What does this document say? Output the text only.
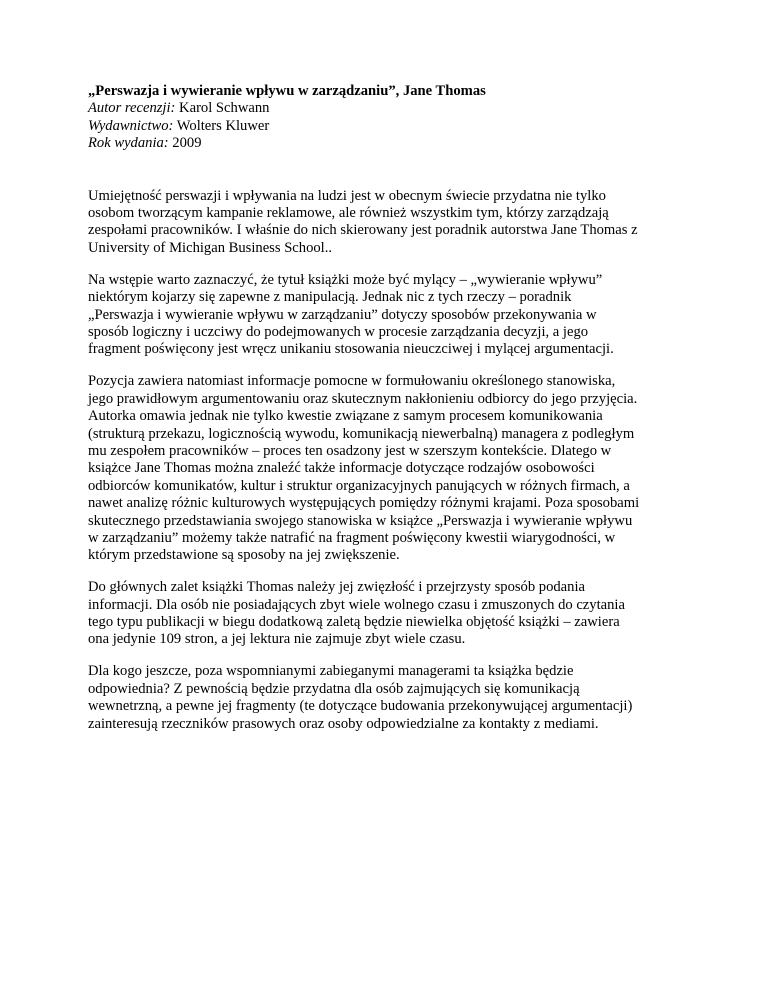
„Perswazja i wywieranie wpływu w zarządzaniu”, Jane Thomas

Autor recenzji: Karol Schwann

Wydawnictwo: Wolters Kluwer

Rok wydania: 2009

Umiejętność perswazji i wpływania na ludzi jest w obecnym świecie przydatna nie tylko
osobom tworzącym kampanie reklamowe, ale również wszystkim tym, którzy zarządzają
zespołami pracowników. I właśnie do nich skierowany jest poradnik autorstwa Jane Thomas z
University of Michigan Business School..

Na wstępie warto zaznaczyć, że tytuł książki może być mylący – „wywieranie wpływu”
niektórym kojarzy się zapewne z manipulacją. Jednak nic z tych rzeczy – poradnik
„Perswazja i wywieranie wpływu w zarządzaniu” dotyczy sposobów przekonywania w
sposób logiczny i uczciwy do podejmowanych w procesie zarządzania decyzji, a jego
fragment poświęcony jest wręcz unikaniu stosowania nieuczciwej i mylącej argumentacji.

Pozycja zawiera natomiast informacje pomocne w formułowaniu określonego stanowiska,
jego prawidłowym argumentowaniu oraz skutecznym nakłonieniu odbiorcy do jego przyjęcia.
Autorka omawia jednak nie tylko kwestie związane z samym procesem komunikowania
(strukturą przekazu, logicznością wywodu, komunikacją niewerbalną) managera z podległym
mu zespołem pracowników – proces ten osadzony jest w szerszym kontekście. Dlatego w
książce Jane Thomas można znaleźć także informacje dotyczące rodzajów osobowości
odbiorców komunikatów, kultur i struktur organizacyjnych panujących w różnych firmach, a
nawet analizę różnic kulturowych występujących pomiędzy różnymi krajami. Poza sposobami
skutecznego przedstawiania swojego stanowiska w książce „Perswazja i wywieranie wpływu
w zarządzaniu” możemy także natrafić na fragment poświęcony kwestii wiarygodności, w
którym przedstawione są sposoby na jej zwiększenie.

Do głównych zalet książki Thomas należy jej zwięzłość i przejrzysty sposób podania
informacji. Dla osób nie posiadających zbyt wiele wolnego czasu i zmuszonych do czytania
tego typu publikacji w biegu dodatkową zaletą będzie niewielka objętość książki – zawiera
ona jedynie 109 stron, a jej lektura nie zajmuje zbyt wiele czasu.

Dla kogo jeszcze, poza wspomnianymi zabieganymi managerami ta książka będzie
odpowiednia? Z pewnością będzie przydatna dla osób zajmujących się komunikacją
wewnetrzną, a pewne jej fragmenty (te dotyczące budowania przekonywującej argumentacji)
zainteresują rzeczników prasowych oraz osoby odpowiedzialne za kontakty z mediami.
